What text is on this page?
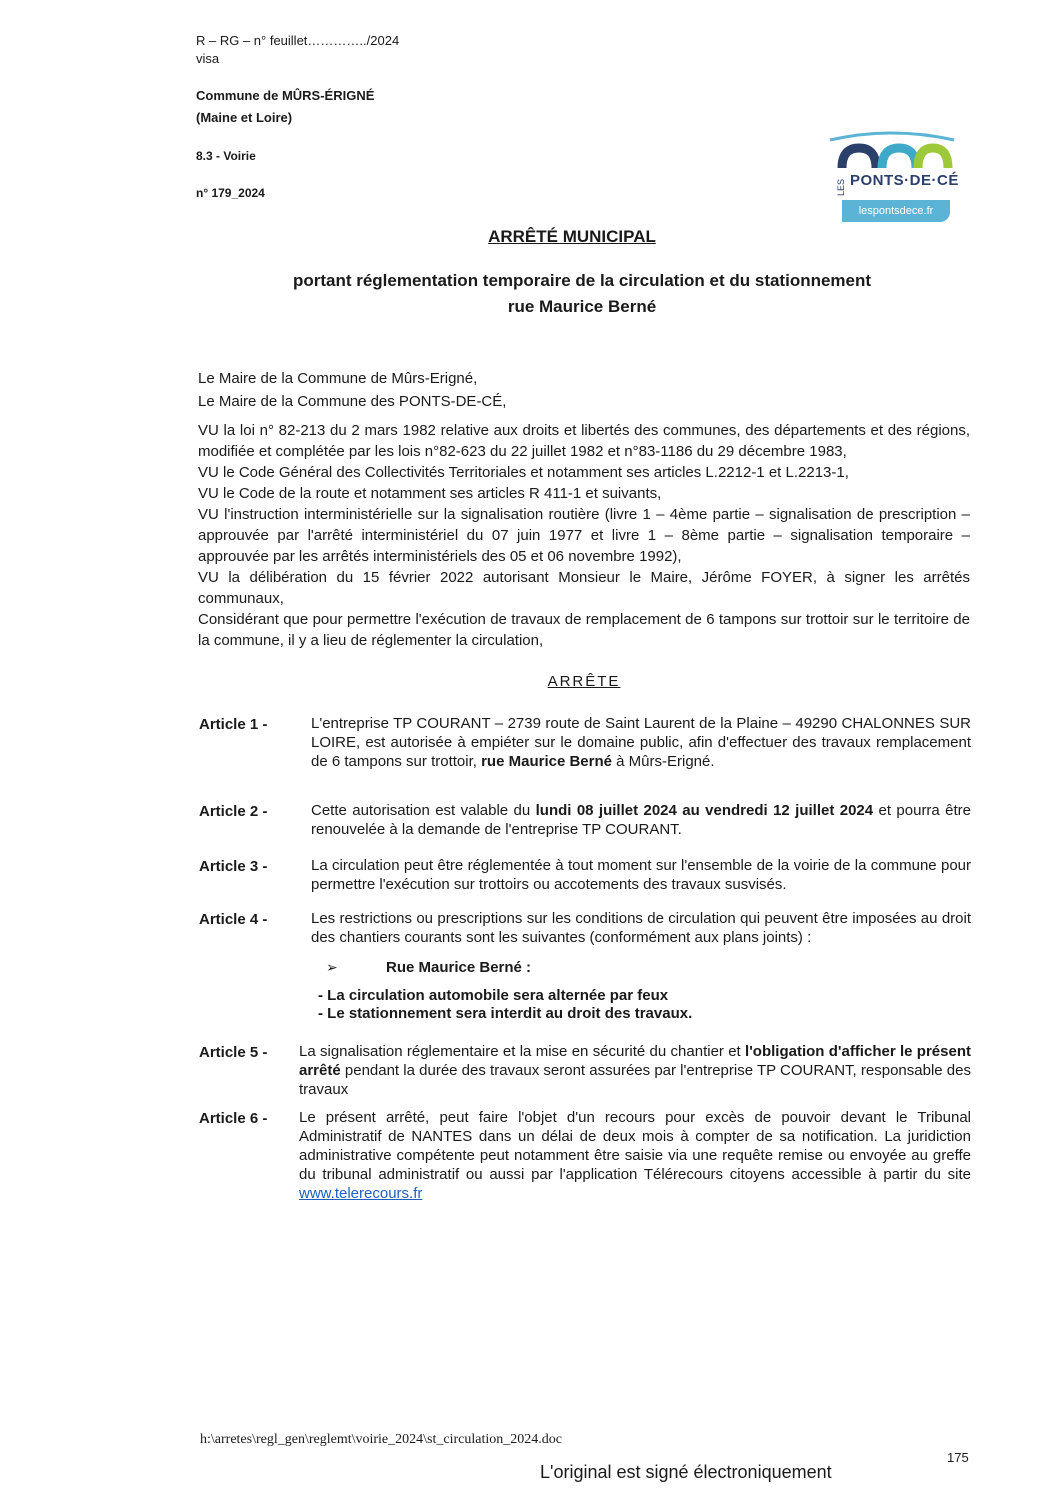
R – RG – n° feuillet…………../2024
visa
Commune de MÛRS-ÉRIGNÉ
(Maine et Loire)
8.3 - Voirie
n° 179_2024	LES PONTS·DE·CÉ
lespontsdece.fr
ARRÊTÉ MUNICIPAL
portant réglementation temporaire de la circulation et du stationnement
rue Maurice Berné
Le Maire de la Commune de Mûrs-Erigné,
Le Maire de la Commune des PONTS-DE-CÉ,
VU la loi n° 82-213 du 2 mars 1982 relative aux droits et libertés des communes, des départements et des régions, modifiée et complétée par les lois n°82-623 du 22 juillet 1982 et n°83-1186 du 29 décembre 1983,
VU le Code Général des Collectivités Territoriales et notamment ses articles L.2212-1 et L.2213-1,
VU le Code de la route et notamment ses articles R 411-1 et suivants,
VU l'instruction interministérielle sur la signalisation routière (livre 1 – 4ème partie – signalisation de prescription – approuvée par l'arrêté interministériel du 07 juin 1977 et livre 1 – 8ème partie – signalisation temporaire – approuvée par les arrêtés interministériels des 05 et 06 novembre 1992),
VU la délibération du 15 février 2022 autorisant Monsieur le Maire, Jérôme FOYER, à signer les arrêtés communaux,
Considérant que pour permettre l'exécution de travaux de remplacement de 6 tampons sur trottoir sur le territoire de la commune, il y a lieu de réglementer la circulation,
ARRÊTE
Article 1 -	L'entreprise TP COURANT – 2739 route de Saint Laurent de la Plaine – 49290 CHALONNES SUR LOIRE, est autorisée à empiéter sur le domaine public, afin d'effectuer des travaux remplacement de 6 tampons sur trottoir, rue Maurice Berné à Mûrs-Erigné.
Article 2 -	Cette autorisation est valable du lundi 08 juillet 2024 au vendredi 12 juillet 2024 et pourra être renouvelée à la demande de l'entreprise TP COURANT.
Article 3 -	La circulation peut être réglementée à tout moment sur l'ensemble de la voirie de la commune pour permettre l'exécution sur trottoirs ou accotements des travaux susvisés.
Article 4 -	Les restrictions ou prescriptions sur les conditions de circulation qui peuvent être imposées au droit des chantiers courants sont les suivantes (conformément aux plans joints) :
➢	Rue Maurice Berné :
- La circulation automobile sera alternée par feux
- Le stationnement sera interdit au droit des travaux.
Article 5 - La signalisation réglementaire et la mise en sécurité du chantier et l'obligation d'afficher le présent arrêté pendant la durée des travaux seront assurées par l'entreprise TP COURANT, responsable des travaux
Article 6 - Le présent arrêté, peut faire l'objet d'un recours pour excès de pouvoir devant le Tribunal Administratif de NANTES dans un délai de deux mois à compter de sa notification. La juridiction administrative compétente peut notamment être saisie via une requête remise ou envoyée au greffe du tribunal administratif ou aussi par l'application Télérecours citoyens accessible à partir du site www.telerecours.fr
h:\arretes\regl_gen\reglemt\voirie_2024\st_circulation_2024.doc
175
L'original est signé électroniquement
